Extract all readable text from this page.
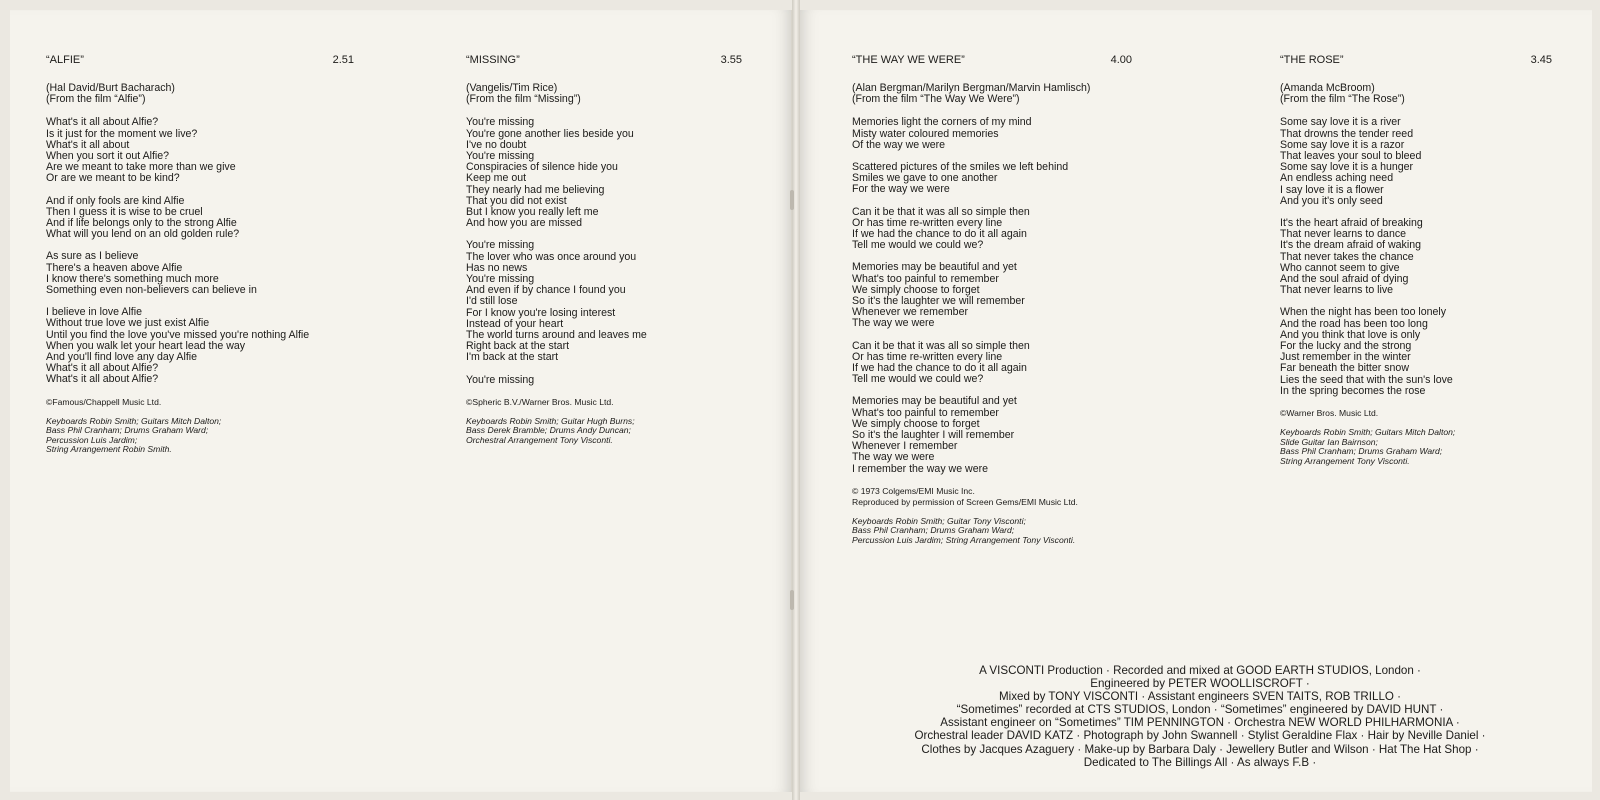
“ALFIE”	2.51
(Hal David/Burt Bacharach)
(From the film “Alfie”)
What's it all about Alfie?
Is it just for the moment we live?
What's it all about
When you sort it out Alfie?
Are we meant to take more than we give
Or are we meant to be kind?
And if only fools are kind Alfie
Then I guess it is wise to be cruel
And if life belongs only to the strong Alfie
What will you lend on an old golden rule?
As sure as I believe
There's a heaven above Alfie
I know there's something much more
Something even non-believers can believe in
I believe in love Alfie
Without true love we just exist Alfie
Until you find the love you've missed you're nothing Alfie
When you walk let your heart lead the way
And you'll find love any day Alfie
What's it all about Alfie?
What's it all about Alfie?
©Famous/Chappell Music Ltd.
Keyboards Robin Smith; Guitars Mitch Dalton;
Bass Phil Cranham; Drums Graham Ward;
Percussion Luis Jardim;
String Arrangement Robin Smith.
“MISSING”	3.55
(Vangelis/Tim Rice)
(From the film “Missing”)
You're missing
You're gone another lies beside you
I've no doubt
You're missing
Conspiracies of silence hide you
Keep me out
They nearly had me believing
That you did not exist
But I know you really left me
And how you are missed
You're missing
The lover who was once around you
Has no news
You're missing
And even if by chance I found you
I'd still lose
For I know you're losing interest
Instead of your heart
The world turns around and leaves me
Right back at the start
I'm back at the start
You're missing
©Spheric B.V./Warner Bros. Music Ltd.
Keyboards Robin Smith; Guitar Hugh Burns;
Bass Derek Bramble; Drums Andy Duncan;
Orchestral Arrangement Tony Visconti.
“THE WAY WE WERE”	4.00
(Alan Bergman/Marilyn Bergman/Marvin Hamlisch)
(From the film “The Way We Were”)
Memories light the corners of my mind
Misty water coloured memories
Of the way we were
Scattered pictures of the smiles we left behind
Smiles we gave to one another
For the way we were
Can it be that it was all so simple then
Or has time re-written every line
If we had the chance to do it all again
Tell me would we could we?
Memories may be beautiful and yet
What's too painful to remember
We simply choose to forget
So it's the laughter we will remember
Whenever we remember
The way we were
Can it be that it was all so simple then
Or has time re-written every line
If we had the chance to do it all again
Tell me would we could we?
Memories may be beautiful and yet
What's too painful to remember
We simply choose to forget
So it's the laughter I will remember
Whenever I remember
The way we were
I remember the way we were
© 1973 Colgems/EMI Music Inc.
Reproduced by permission of Screen Gems/EMI Music Ltd.
Keyboards Robin Smith; Guitar Tony Visconti;
Bass Phil Cranham; Drums Graham Ward;
Percussion Luis Jardim; String Arrangement Tony Visconti.
“THE ROSE”	3.45
(Amanda McBroom)
(From the film “The Rose”)
Some say love it is a river
That drowns the tender reed
Some say love it is a razor
That leaves your soul to bleed
Some say love it is a hunger
An endless aching need
I say love it is a flower
And you it's only seed
It's the heart afraid of breaking
That never learns to dance
It's the dream afraid of waking
That never takes the chance
Who cannot seem to give
And the soul afraid of dying
That never learns to live
When the night has been too lonely
And the road has been too long
And you think that love is only
For the lucky and the strong
Just remember in the winter
Far beneath the bitter snow
Lies the seed that with the sun's love
In the spring becomes the rose
©Warner Bros. Music Ltd.
Keyboards Robin Smith; Guitars Mitch Dalton;
Slide Guitar Ian Bairnson;
Bass Phil Cranham; Drums Graham Ward;
String Arrangement Tony Visconti.
A VISCONTI Production · Recorded and mixed at GOOD EARTH STUDIOS, London ·
Engineered by PETER WOOLLISCROFT ·
Mixed by TONY VISCONTI · Assistant engineers SVEN TAITS, ROB TRILLO ·
“Sometimes” recorded at CTS STUDIOS, London · “Sometimes” engineered by DAVID HUNT ·
Assistant engineer on “Sometimes” TIM PENNINGTON · Orchestra NEW WORLD PHILHARMONIA ·
Orchestral leader DAVID KATZ · Photograph by John Swannell · Stylist Geraldine Flax · Hair by Neville Daniel ·
Clothes by Jacques Azaguery · Make-up by Barbara Daly · Jewellery Butler and Wilson · Hat The Hat Shop ·
Dedicated to The Billings All · As always F.B ·
